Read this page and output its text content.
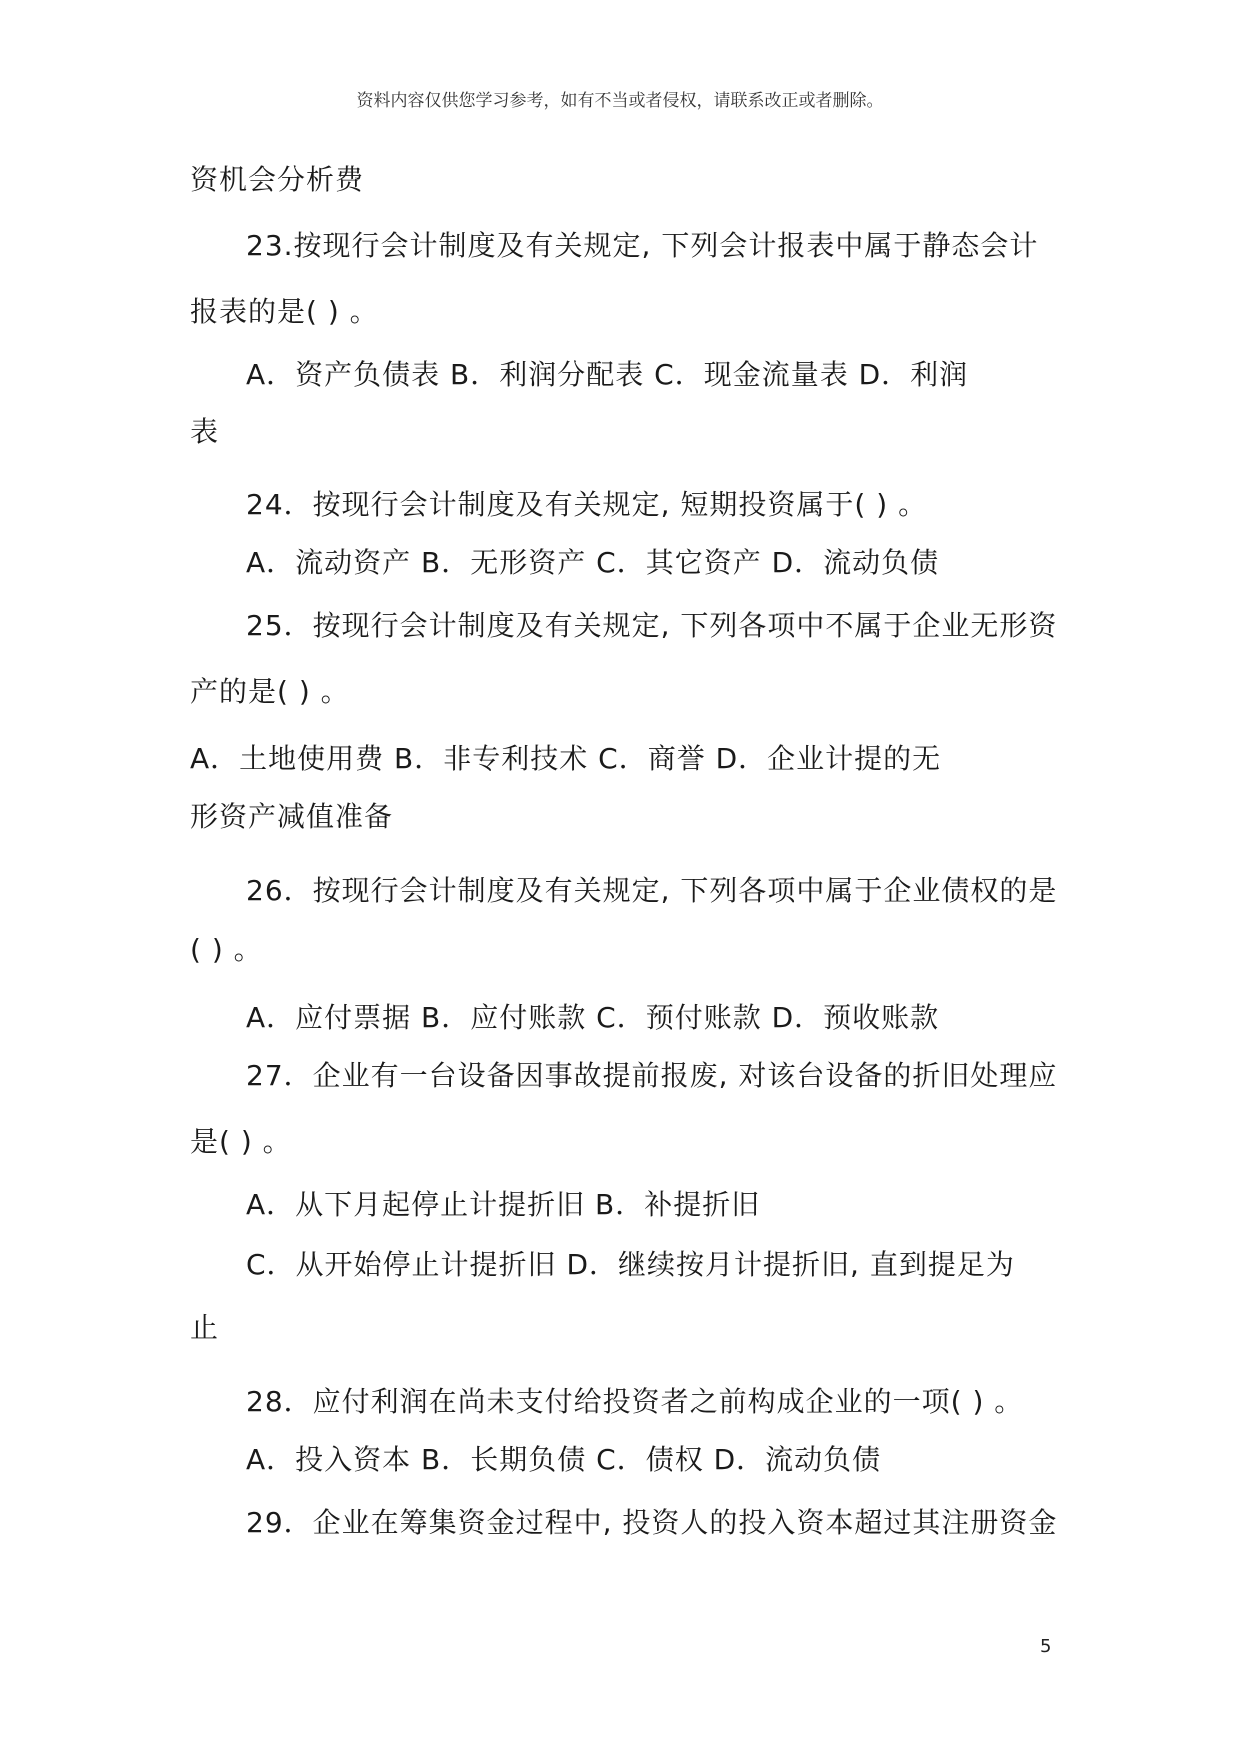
资料内容仅供您学习参考，如有不当或者侵权，请联系改正或者删除。
资机会分析费
23.按现行会计制度及有关规定, 下列会计报表中属于静态会计
报表的是( ) 。
A．资产负债表 B．利润分配表 C．现金流量表 D．利润
表
24．按现行会计制度及有关规定, 短期投资属于( ) 。
A．流动资产 B．无形资产 C．其它资产 D．流动负债
25．按现行会计制度及有关规定, 下列各项中不属于企业无形资
产的是( ) 。
A．土地使用费 B．非专利技术 C．商誉 D．企业计提的无
形资产减值准备
26．按现行会计制度及有关规定, 下列各项中属于企业债权的是
( ) 。
A．应付票据 B．应付账款 C．预付账款 D．预收账款
27．企业有一台设备因事故提前报废, 对该台设备的折旧处理应
是( ) 。
A．从下月起停止计提折旧 B．补提折旧
C．从开始停止计提折旧 D．继续按月计提折旧, 直到提足为
止
28．应付利润在尚未支付给投资者之前构成企业的一项( ) 。
A．投入资本 B．长期负债 C．债权 D．流动负债
29．企业在筹集资金过程中, 投资人的投入资本超过其注册资金
5
